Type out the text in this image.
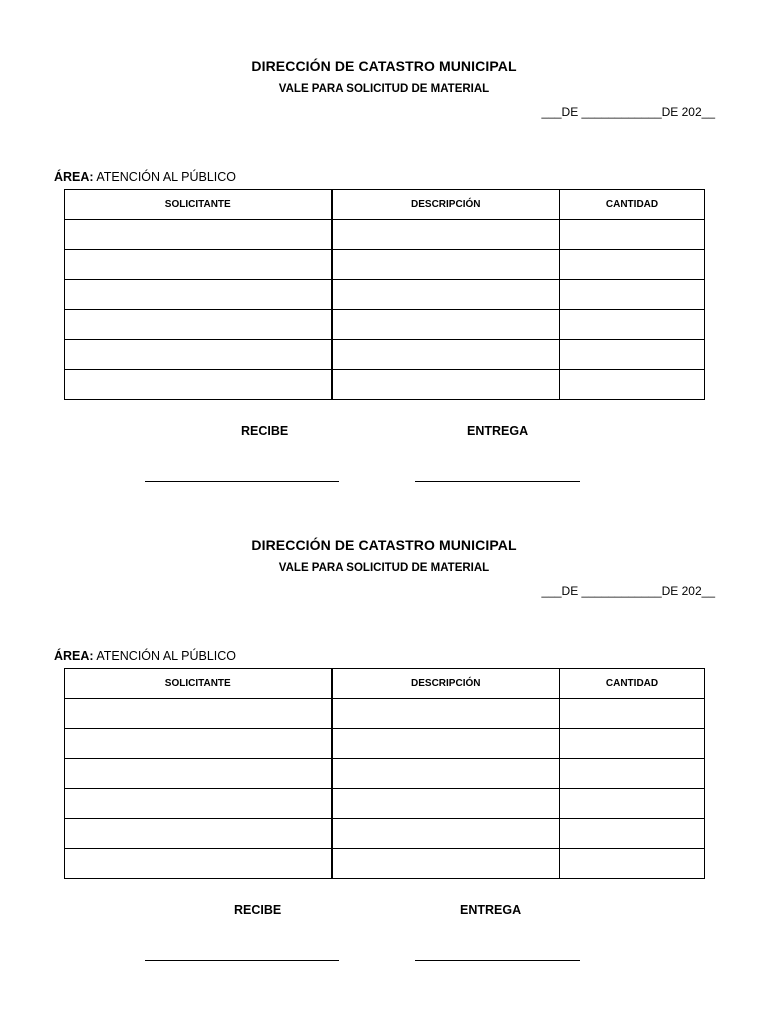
DIRECCIÓN DE CATASTRO MUNICIPAL
VALE PARA SOLICITUD DE MATERIAL
___DE ____________DE 202__
ÁREA: ATENCIÓN AL PÚBLICO
SOLICITANTE	DESCRIPCIÓN	CANTIDAD

RECIBE	ENTREGA
DIRECCIÓN DE CATASTRO MUNICIPAL
VALE PARA SOLICITUD DE MATERIAL
___DE ____________DE 202__
ÁREA: ATENCIÓN AL PÚBLICO
SOLICITANTE	DESCRIPCIÓN	CANTIDAD

RECIBE	ENTREGA
